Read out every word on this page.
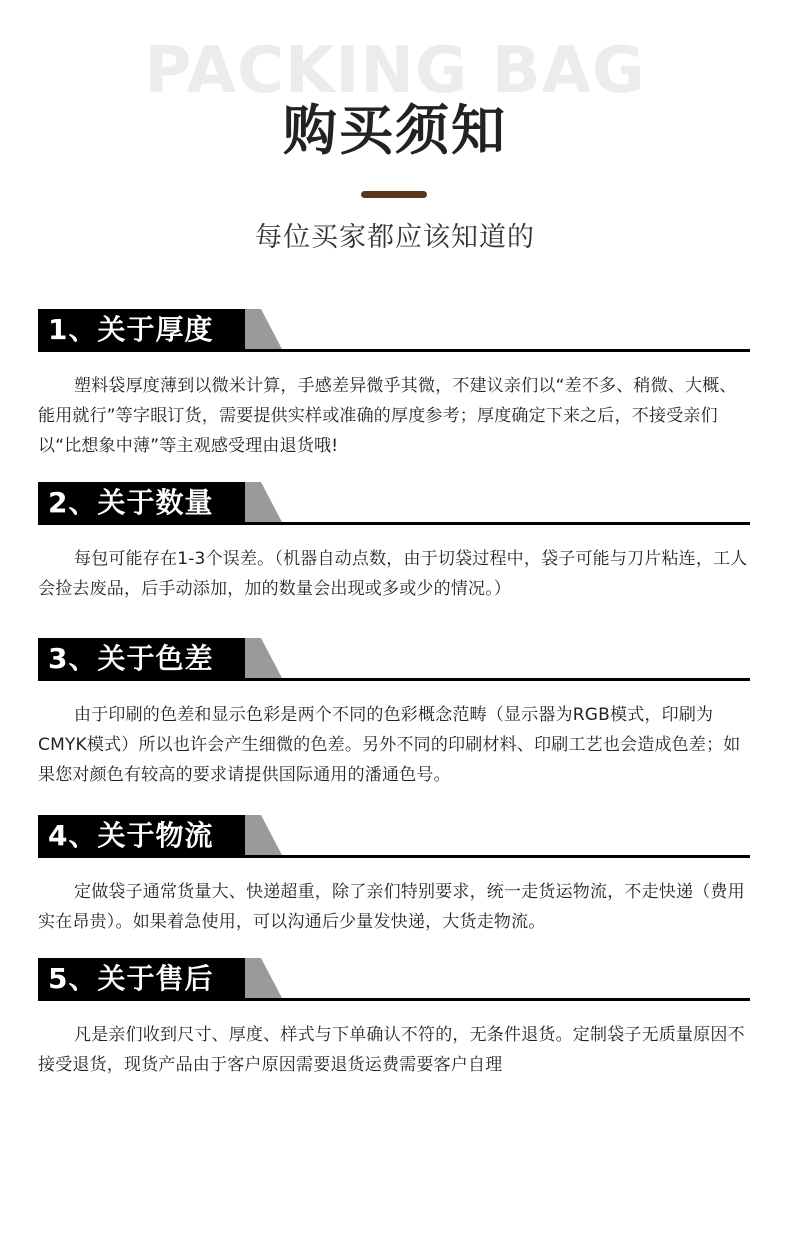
PACKING BAG
购买须知
每位买家都应该知道的
1、关于厚度
塑料袋厚度薄到以微米计算，手感差异微乎其微，不建议亲们以“差不多、稍微、大概、能用就行”等字眼订货，需要提供实样或准确的厚度参考；厚度确定下来之后，不接受亲们以“比想象中薄”等主观感受理由退货哦!
2、关于数量
每包可能存在1-3个误差。（机器自动点数，由于切袋过程中，袋子可能与刀片粘连，工人会捡去废品，后手动添加，加的数量会出现或多或少的情况。）
3、关于色差
由于印刷的色差和显示色彩是两个不同的色彩概念范畴（显示器为RGB模式，印刷为CMYK模式）所以也许会产生细微的色差。另外不同的印刷材料、印刷工艺也会造成色差；如果您对颜色有较高的要求请提供国际通用的潘通色号。
4、关于物流
定做袋子通常货量大、快递超重，除了亲们特别要求，统一走货运物流，不走快递（费用实在昂贵）。如果着急使用，可以沟通后少量发快递，大货走物流。
5、关于售后
凡是亲们收到尺寸、厚度、样式与下单确认不符的，无条件退货。定制袋子无质量原因不接受退货，现货产品由于客户原因需要退货运费需要客户自理
